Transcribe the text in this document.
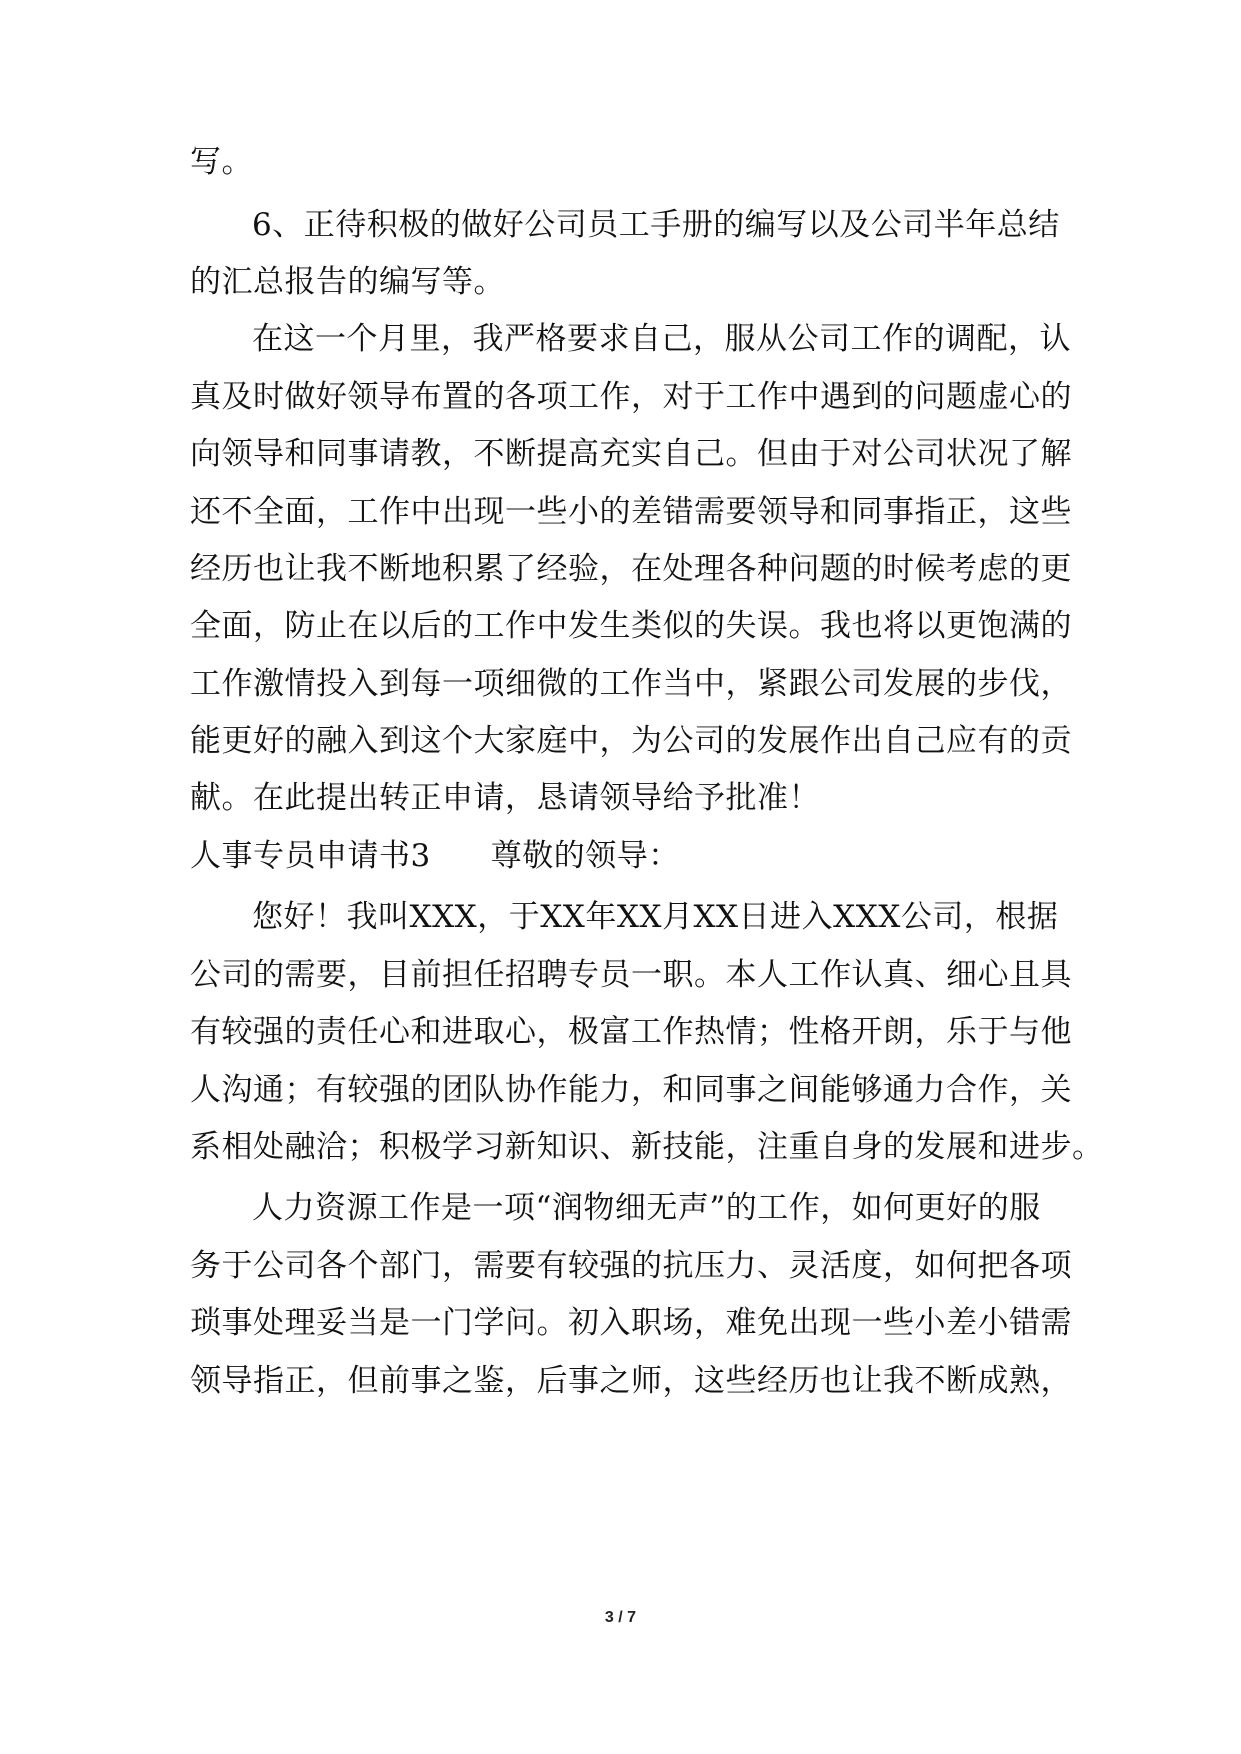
写。
6、正待积极的做好公司员工手册的编写以及公司半年总结
的汇总报告的编写等。
在这一个月里，我严格要求自己，服从公司工作的调配，认
真及时做好领导布置的各项工作，对于工作中遇到的问题虚心的
向领导和同事请教，不断提高充实自己。但由于对公司状况了解
还不全面，工作中出现一些小的差错需要领导和同事指正，这些
经历也让我不断地积累了经验，在处理各种问题的时候考虑的更
全面，防止在以后的工作中发生类似的失误。我也将以更饱满的
工作激情投入到每一项细微的工作当中，紧跟公司发展的步伐，
能更好的融入到这个大家庭中，为公司的发展作出自己应有的贡
献。在此提出转正申请，恳请领导给予批准！
人事专员申请书3 尊敬的领导：
您好！我叫XXX，于XX年XX月XX日进入XXX公司，根据
公司的需要，目前担任招聘专员一职。本人工作认真、细心且具
有较强的责任心和进取心，极富工作热情；性格开朗，乐于与他
人沟通；有较强的团队协作能力，和同事之间能够通力合作，关
系相处融洽；积极学习新知识、新技能，注重自身的发展和进步。
人力资源工作是一项“润物细无声”的工作，如何更好的服
务于公司各个部门，需要有较强的抗压力、灵活度，如何把各项
琐事处理妥当是一门学问。初入职场，难免出现一些小差小错需
领导指正，但前事之鉴，后事之师，这些经历也让我不断成熟，
3 / 7
